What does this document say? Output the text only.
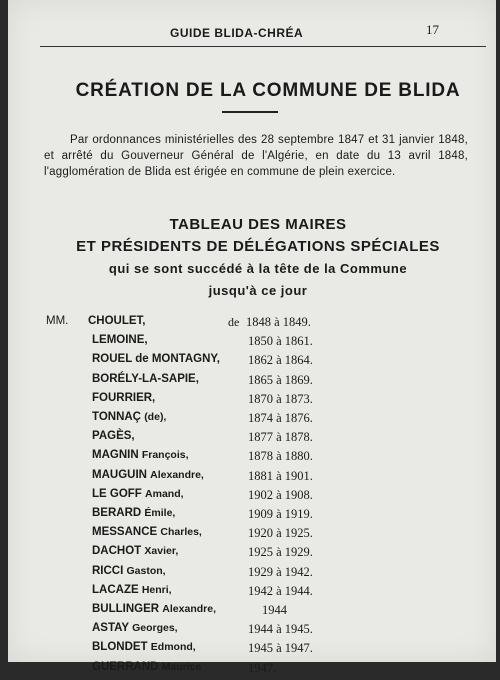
GUIDE BLIDA-CHRÉA	17
CRÉATION DE LA COMMUNE DE BLIDA
Par ordonnances ministérielles des 28 septembre 1847 et 31 janvier 1848, et arrêté du Gouverneur Général de l'Algérie, en date du 13 avril 1848, l'agglomération de Blida est érigée en commune de plein exercice.
TABLEAU DES MAIRES
ET PRÉSIDENTS DE DÉLÉGATIONS SPÉCIALES
qui se sont succédé à la tête de la Commune
jusqu'à ce jour
MM.	de
CHOULET,	1848 à 1849.
LEMOINE,	1850 à 1861.
ROUEL de MONTAGNY, 1862 à 1864.
BORÉLY-LA-SAPIE,	1865 à 1869.
FOURRIER,	1870 à 1873.
TONNAÇ (de),	1874 à 1876.
PAGÈS,	1877 à 1878.
MAGNIN François,	1878 à 1880.
MAUGUIN Alexandre,	1881 à 1901.
LE GOFF Amand,	1902 à 1908.
BERARD Émile,	1909 à 1919.
MESSANCE Charles,	1920 à 1925.
DACHOT Xavier,	1925 à 1929.
RICCI Gaston,	1929 à 1942.
LACAZE Henri,	1942 à 1944.
BULLINGER Alexandre,	1944
ASTAY Georges,	1944 à 1945.
BLONDET Edmond,	1945 à 1947.
GUERRAND Maurice	1947.
